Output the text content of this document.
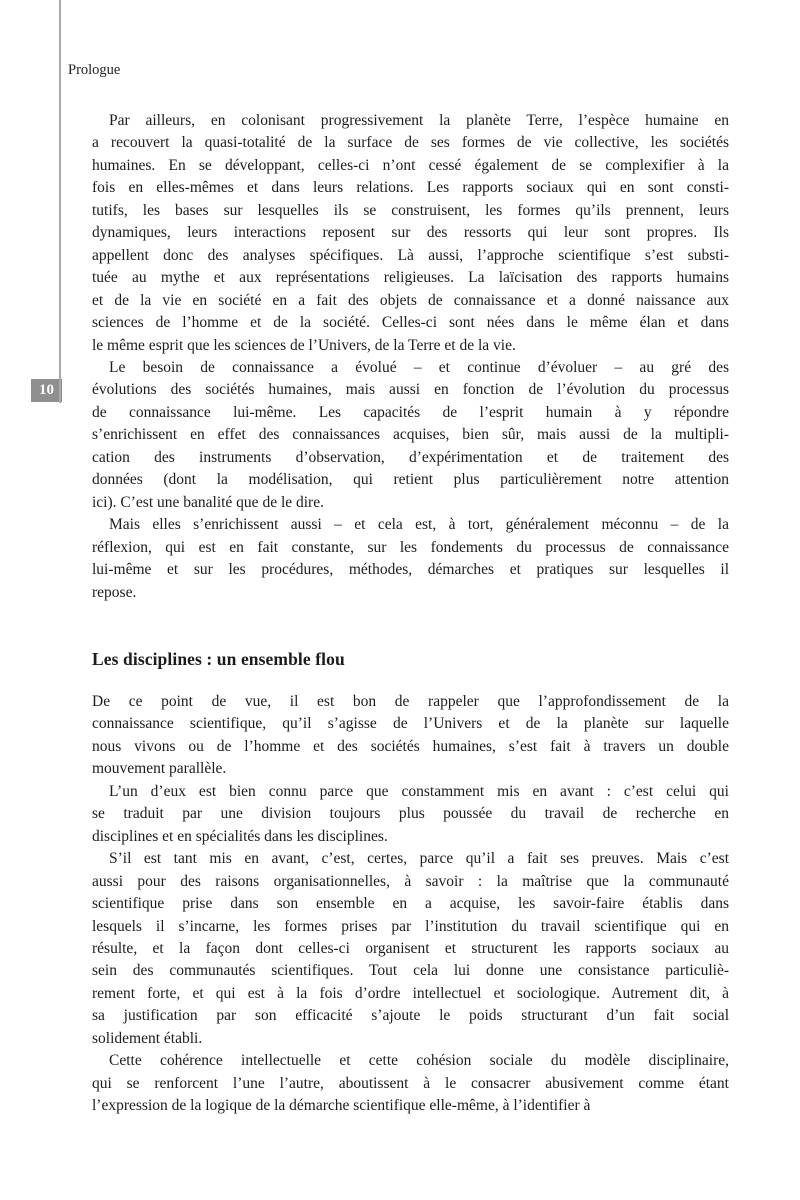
10
Prologue
Par ailleurs, en colonisant progressivement la planète Terre, l’espèce humaine en
a recouvert la quasi-totalité de la surface de ses formes de vie collective, les sociétés
humaines. En se développant, celles-ci n’ont cessé également de se complexifier à la
fois en elles-mêmes et dans leurs relations. Les rapports sociaux qui en sont consti-
tutifs, les bases sur lesquelles ils se construisent, les formes qu’ils prennent, leurs
dynamiques, leurs interactions reposent sur des ressorts qui leur sont propres. Ils
appellent donc des analyses spécifiques. Là aussi, l’approche scientifique s’est substi-
tuée au mythe et aux représentations religieuses. La laïcisation des rapports humains
et de la vie en société en a fait des objets de connaissance et a donné naissance aux
sciences de l’homme et de la société. Celles-ci sont nées dans le même élan et dans
le même esprit que les sciences de l’Univers, de la Terre et de la vie.
Le besoin de connaissance a évolué – et continue d’évoluer – au gré des
évolutions des sociétés humaines, mais aussi en fonction de l’évolution du processus
de connaissance lui-même. Les capacités de l’esprit humain à y répondre
s’enrichissent en effet des connaissances acquises, bien sûr, mais aussi de la multipli-
cation des instruments d’observation, d’expérimentation et de traitement des
données (dont la modélisation, qui retient plus particulièrement notre attention
ici). C’est une banalité que de le dire.
Mais elles s’enrichissent aussi – et cela est, à tort, généralement méconnu – de la
réflexion, qui est en fait constante, sur les fondements du processus de connaissance
lui-même et sur les procédures, méthodes, démarches et pratiques sur lesquelles il
repose.
Les disciplines : un ensemble flou
De ce point de vue, il est bon de rappeler que l’approfondissement de la
connaissance scientifique, qu’il s’agisse de l’Univers et de la planète sur laquelle
nous vivons ou de l’homme et des sociétés humaines, s’est fait à travers un double
mouvement parallèle.
L’un d’eux est bien connu parce que constamment mis en avant : c’est celui qui
se traduit par une division toujours plus poussée du travail de recherche en
disciplines et en spécialités dans les disciplines.
S’il est tant mis en avant, c’est, certes, parce qu’il a fait ses preuves. Mais c’est
aussi pour des raisons organisationnelles, à savoir : la maîtrise que la communauté
scientifique prise dans son ensemble en a acquise, les savoir-faire établis dans
lesquels il s’incarne, les formes prises par l’institution du travail scientifique qui en
résulte, et la façon dont celles-ci organisent et structurent les rapports sociaux au
sein des communautés scientifiques. Tout cela lui donne une consistance particuliè-
rement forte, et qui est à la fois d’ordre intellectuel et sociologique. Autrement dit, à
sa justification par son efficacité s’ajoute le poids structurant d’un fait social
solidement établi.
Cette cohérence intellectuelle et cette cohésion sociale du modèle disciplinaire,
qui se renforcent l’une l’autre, aboutissent à le consacrer abusivement comme étant
l’expression de la logique de la démarche scientifique elle-même, à l’identifier à
